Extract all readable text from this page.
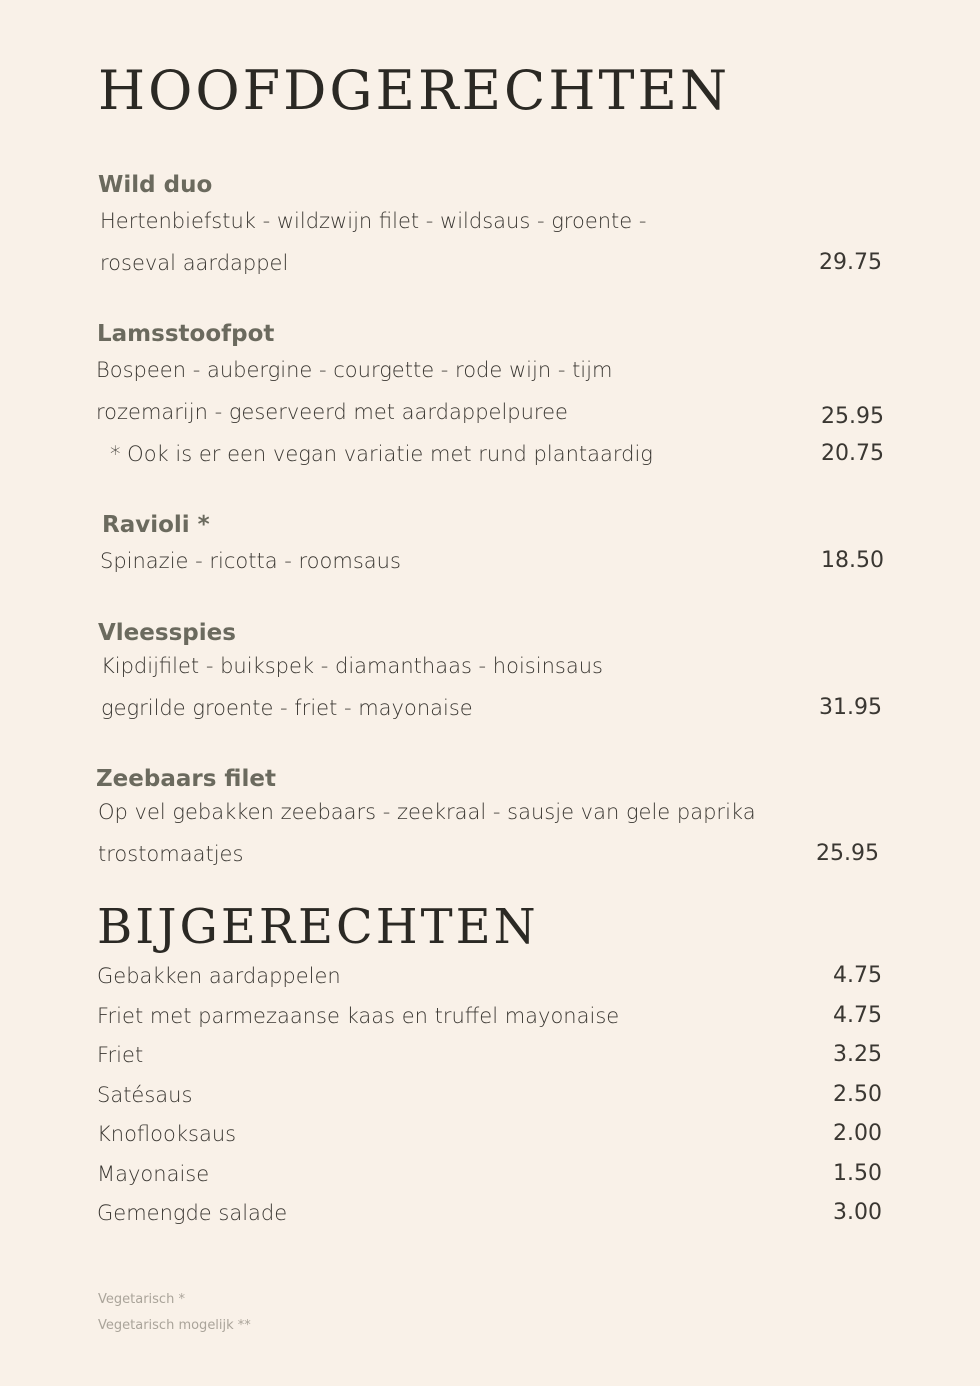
HOOFDGERECHTEN
Wild duo
Hertenbiefstuk - wildzwijn filet - wildsaus - groente -
roseval aardappel	29.75
Lamsstoofpot
Bospeen - aubergine - courgette - rode wijn - tijm
rozemarijn - geserveerd met aardappelpuree	25.95
* Ook is er een vegan variatie met rund plantaardig	20.75
Ravioli *
Spinazie - ricotta - roomsaus	18.50
Vleesspies
Kipdijfilet - buikspek - diamanthaas - hoisinsaus
gegrilde groente - friet - mayonaise	31.95
Zeebaars filet
Op vel gebakken zeebaars - zeekraal - sausje van gele paprika
trostomaatjes	25.95
BIJGERECHTEN
Gebakken aardappelen	4.75
Friet met parmezaanse kaas en truffel mayonaise	4.75
Friet	3.25
Satésaus	2.50
Knoflooksaus	2.00
Mayonaise	1.50
Gemengde salade	3.00
Vegetarisch *
Vegetarisch mogelijk **
